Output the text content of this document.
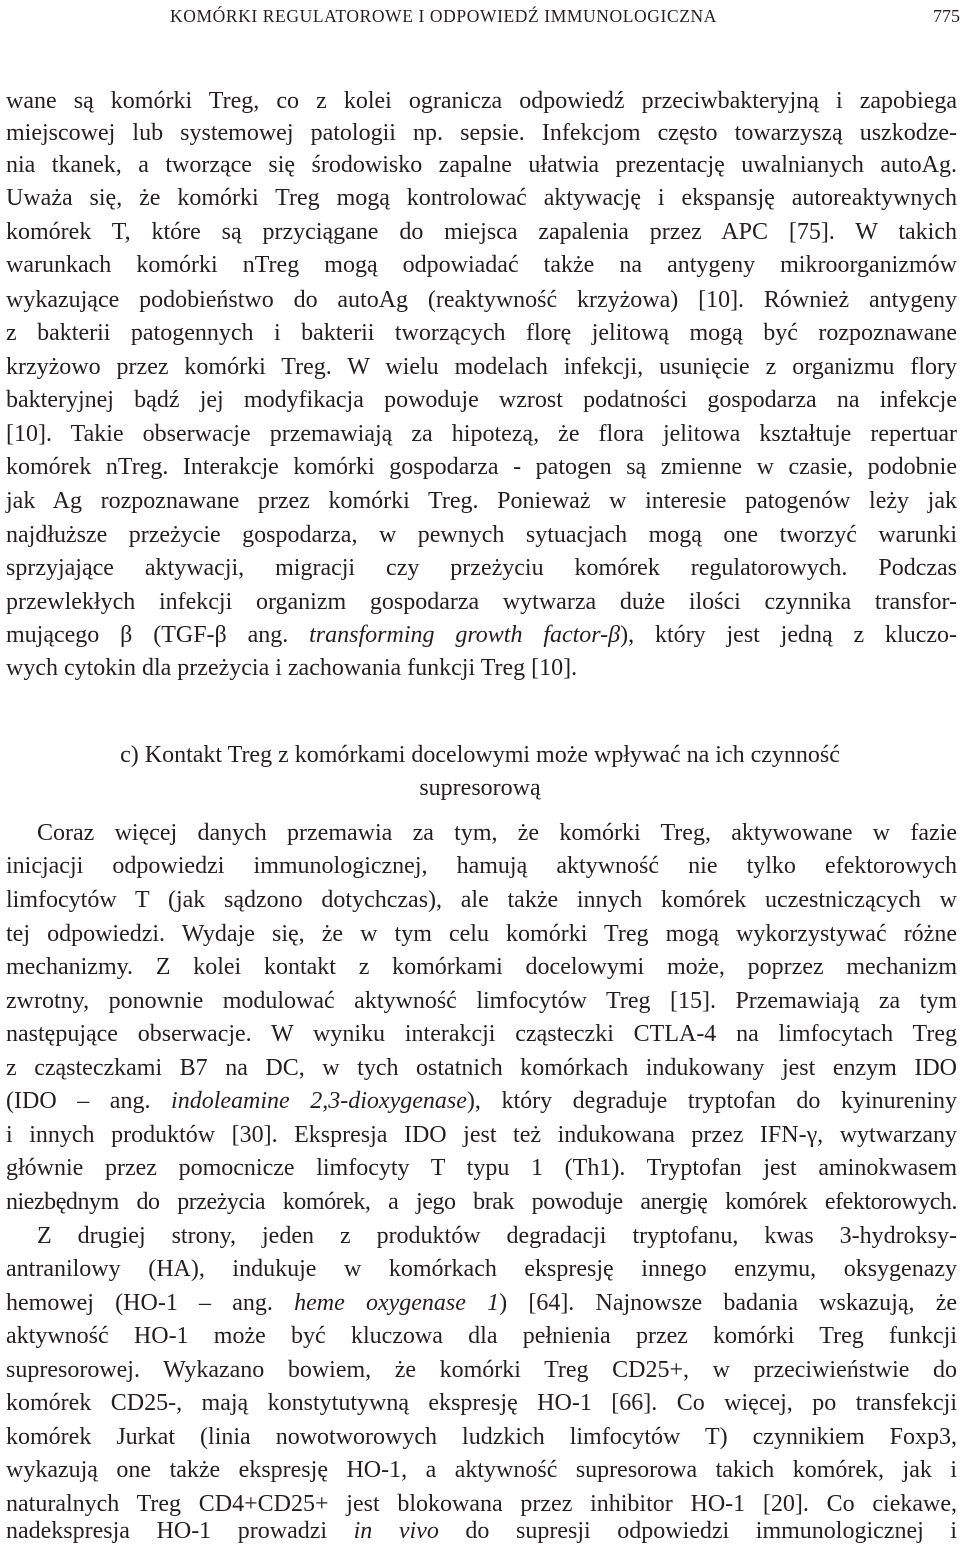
KOMÓRKI REGULATOROWE I ODPOWIEDŹ IMMUNOLOGICZNA	775
wane są komórki Treg, co z kolei ogranicza odpowiedź przeciwbakteryjną i zapobiega
miejscowej lub systemowej patologii np. sepsie. Infekcjom często towarzyszą uszkodze-
nia tkanek, a tworzące się środowisko zapalne ułatwia prezentację uwalnianych autoAg.
Uważa się, że komórki Treg mogą kontrolować aktywację i ekspansję autoreaktywnych
komórek T, które są przyciągane do miejsca zapalenia przez APC [75]. W takich
warunkach komórki nTreg mogą odpowiadać także na antygeny mikroorganizmów
wykazujące podobieństwo do autoAg (reaktywność krzyżowa) [10]. Również antygeny
z bakterii patogennych i bakterii tworzących florę jelitową mogą być rozpoznawane
krzyżowo przez komórki Treg. W wielu modelach infekcji, usunięcie z organizmu flory
bakteryjnej bądź jej modyfikacja powoduje wzrost podatności gospodarza na infekcje
[10]. Takie obserwacje przemawiają za hipotezą, że flora jelitowa kształtuje repertuar
komórek nTreg. Interakcje komórki gospodarza - patogen są zmienne w czasie, podobnie
jak Ag rozpoznawane przez komórki Treg. Ponieważ w interesie patogenów leży jak
najdłuższe przeżycie gospodarza, w pewnych sytuacjach mogą one tworzyć warunki
sprzyjające aktywacji, migracji czy przeżyciu komórek regulatorowych. Podczas
przewlekłych infekcji organizm gospodarza wytwarza duże ilości czynnika transfor-
mującego β (TGF-β ang. transforming growth factor-β), który jest jedną z kluczo-
wych cytokin dla przeżycia i zachowania funkcji Treg [10].
c) Kontakt Treg z komórkami docelowymi może wpływać na ich czynność
supresorową
Coraz więcej danych przemawia za tym, że komórki Treg, aktywowane w fazie
inicjacji odpowiedzi immunologicznej, hamują aktywność nie tylko efektorowych
limfocytów T (jak sądzono dotychczas), ale także innych komórek uczestniczących w
tej odpowiedzi. Wydaje się, że w tym celu komórki Treg mogą wykorzystywać różne
mechanizmy. Z kolei kontakt z komórkami docelowymi może, poprzez mechanizm
zwrotny, ponownie modulować aktywność limfocytów Treg [15]. Przemawiają za tym
następujące obserwacje. W wyniku interakcji cząsteczki CTLA-4 na limfocytach Treg
z cząsteczkami B7 na DC, w tych ostatnich komórkach indukowany jest enzym IDO
(IDO – ang. indoleamine 2,3-dioxygenase), który degraduje tryptofan do kyinureniny
i innych produktów [30]. Ekspresja IDO jest też indukowana przez IFN-γ, wytwarzany
głównie przez pomocnicze limfocyty T typu 1 (Th1). Tryptofan jest aminokwasem
niezbędnym do przeżycia komórek, a jego brak powoduje anergię komórek efektorowych.
Z drugiej strony, jeden z produktów degradacji tryptofanu, kwas 3-hydroksy-
antranilowy (HA), indukuje w komórkach ekspresję innego enzymu, oksygenazy
hemowej (HO-1 – ang. heme oxygenase 1) [64]. Najnowsze badania wskazują, że
aktywność HO-1 może być kluczowa dla pełnienia przez komórki Treg funkcji
supresorowej. Wykazano bowiem, że komórki Treg CD25+, w przeciwieństwie do
komórek CD25-, mają konstytutywną ekspresję HO-1 [66]. Co więcej, po transfekcji
komórek Jurkat (linia nowotworowych ludzkich limfocytów T) czynnikiem Foxp3,
wykazują one także ekspresję HO-1, a aktywność supresorowa takich komórek, jak i
naturalnych Treg CD4+CD25+ jest blokowana przez inhibitor HO-1 [20]. Co ciekawe,
nadekspresja HO-1 prowadzi in vivo do supresji odpowiedzi immunologicznej i
